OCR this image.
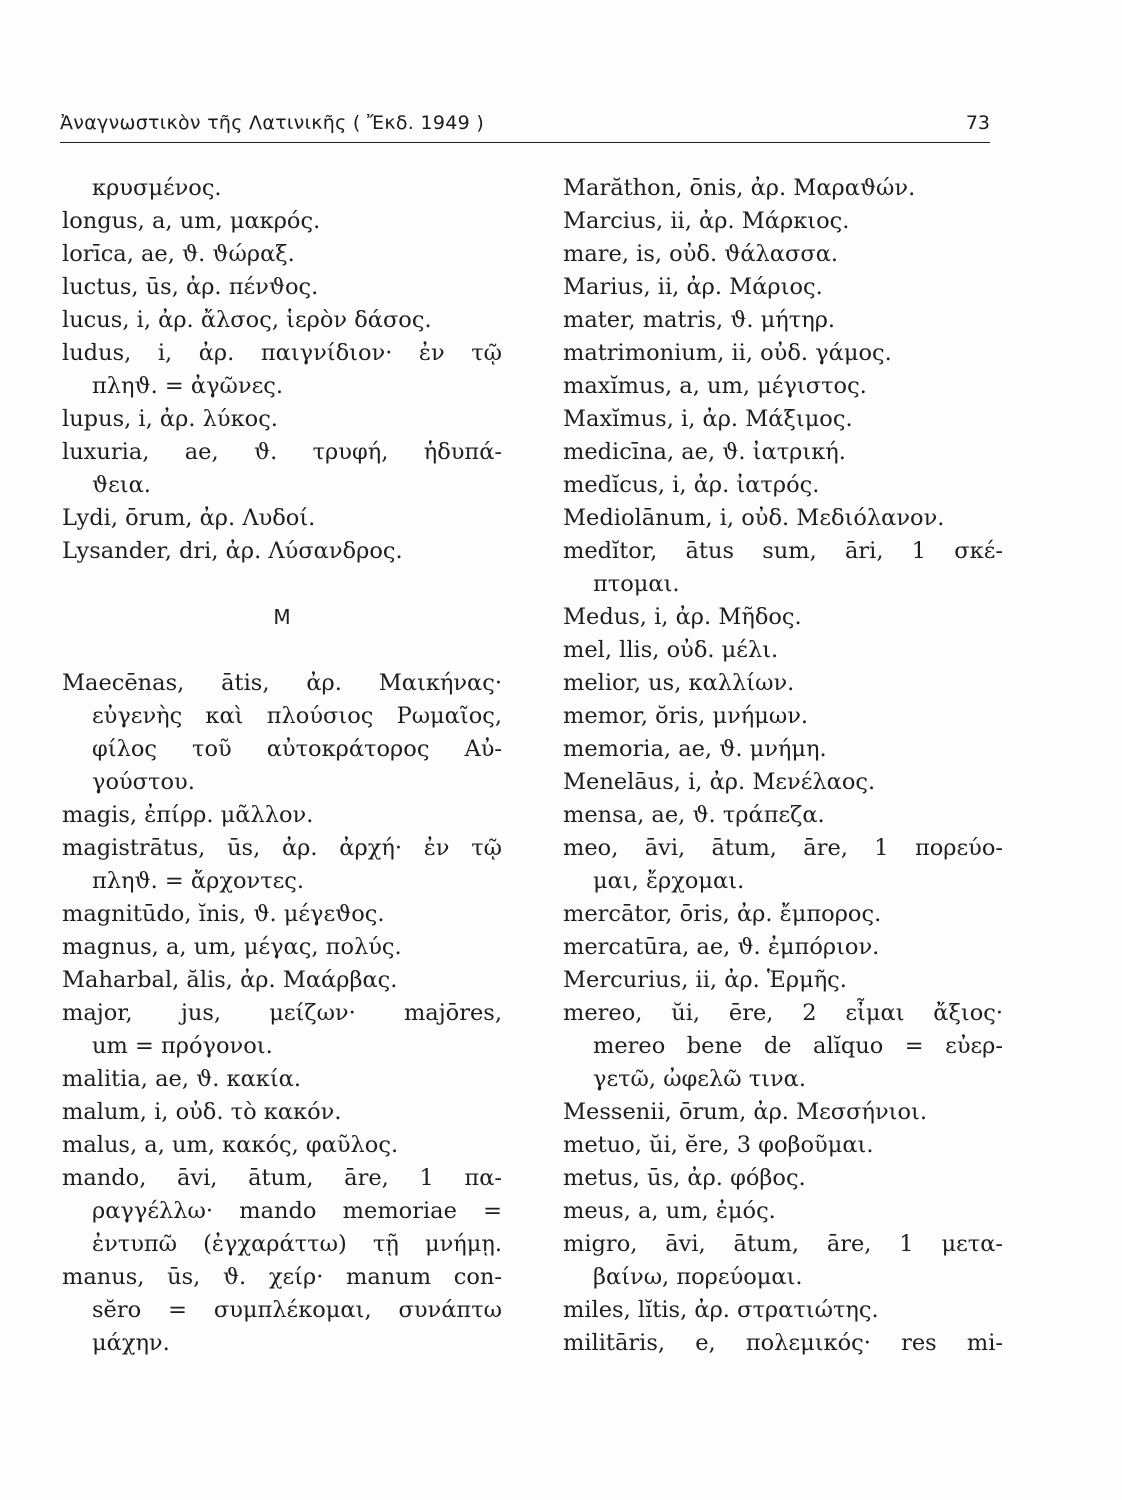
Ἀναγνωστικὸν τῆς Λατινικῆς ( Ἔκδ. 1949 )	73
κρυσμένος.
longus, a, um, μακρός.
lorīca, ae, ϑ. ϑώραξ.
luctus, ūs, ἀρ. πένϑος.
lucus, i, ἀρ. ἄλσος, ἱερὸν δάσος.
ludus, i, ἀρ. παιγνίδιον· ἐν τῷ
πληϑ. = ἀγῶνες.
lupus, i, ἀρ. λύκος.
luxuria, ae, ϑ. τρυφή, ἡδυπά-
ϑεια.
Lydi, ōrum, ἀρ. Λυδοί.
Lysander, dri, ἀρ. Λύσανδρος.
M
Maecēnas, ātis, ἀρ. Μαικήνας·
εὐγενὴς καὶ πλούσιος Ρωμαῖος,
φίλος τοῦ αὐτοκράτορος Αὐ-
γούστου.
magis, ἐπίρρ. μᾶλλον.
magistrātus, ūs, ἀρ. ἀρχή· ἐν τῷ
πληϑ. = ἄρχοντες.
magnitūdo, ĭnis, ϑ. μέγεϑος.
magnus, a, um, μέγας, πολύς.
Maharbal, ălis, ἀρ. Μαάρβας.
major, jus, μείζων· majōres,
um = πρόγονοι.
malitia, ae, ϑ. κακία.
malum, i, οὐδ. τὸ κακόν.
malus, a, um, κακός, φαῦλος.
mando, āvi, ātum, āre, 1 πα-
ραγγέλλω· mando memoriae =
ἐντυπῶ (ἐγχαράττω) τῇ μνήμῃ.
manus, ūs, ϑ. χείρ· manum con-
sĕro = συμπλέκομαι, συνάπτω
μάχην.
Marăthon, ōnis, ἀρ. Μαραϑών.
Marcius, ii, ἀρ. Μάρκιος.
mare, is, οὐδ. ϑάλασσα.
Marius, ii, ἀρ. Μάριος.
mater, matris, ϑ. μήτηρ.
matrimonium, ii, οὐδ. γάμος.
maxĭmus, a, um, μέγιστος.
Maxĭmus, i, ἀρ. Μάξιμος.
medicīna, ae, ϑ. ἰατρική.
medĭcus, i, ἀρ. ἰατρός.
Mediolānum, i, οὐδ. Μεδιόλανον.
medĭtor, ātus sum, āri, 1 σκέ-
πτομαι.
Medus, i, ἀρ. Μῆδος.
mel, llis, οὐδ. μέλι.
melior, us, καλλίων.
memor, ŏris, μνήμων.
memoria, ae, ϑ. μνήμη.
Menelāus, i, ἀρ. Μενέλαος.
mensa, ae, ϑ. τράπεζα.
meo, āvi, ātum, āre, 1 πορεύο-
μαι, ἔρχομαι.
mercātor, ōris, ἀρ. ἔμπορος.
mercatūra, ae, ϑ. ἐμπόριον.
Mercurius, ii, ἀρ. Ἑρμῆς.
mereo, ŭi, ēre, 2 εἶμαι ἄξιος·
mereo bene de alĭquo = εὐερ-
γετῶ, ὠφελῶ τινα.
Messenii, ōrum, ἀρ. Μεσσήνιοι.
metuo, ŭi, ĕre, 3 φοβοῦμαι.
metus, ūs, ἀρ. φόβος.
meus, a, um, ἐμός.
migro, āvi, ātum, āre, 1 μετα-
βαίνω, πορεύομαι.
miles, lĭtis, ἀρ. στρατιώτης.
militāris, e, πολεμικός· res mi-
